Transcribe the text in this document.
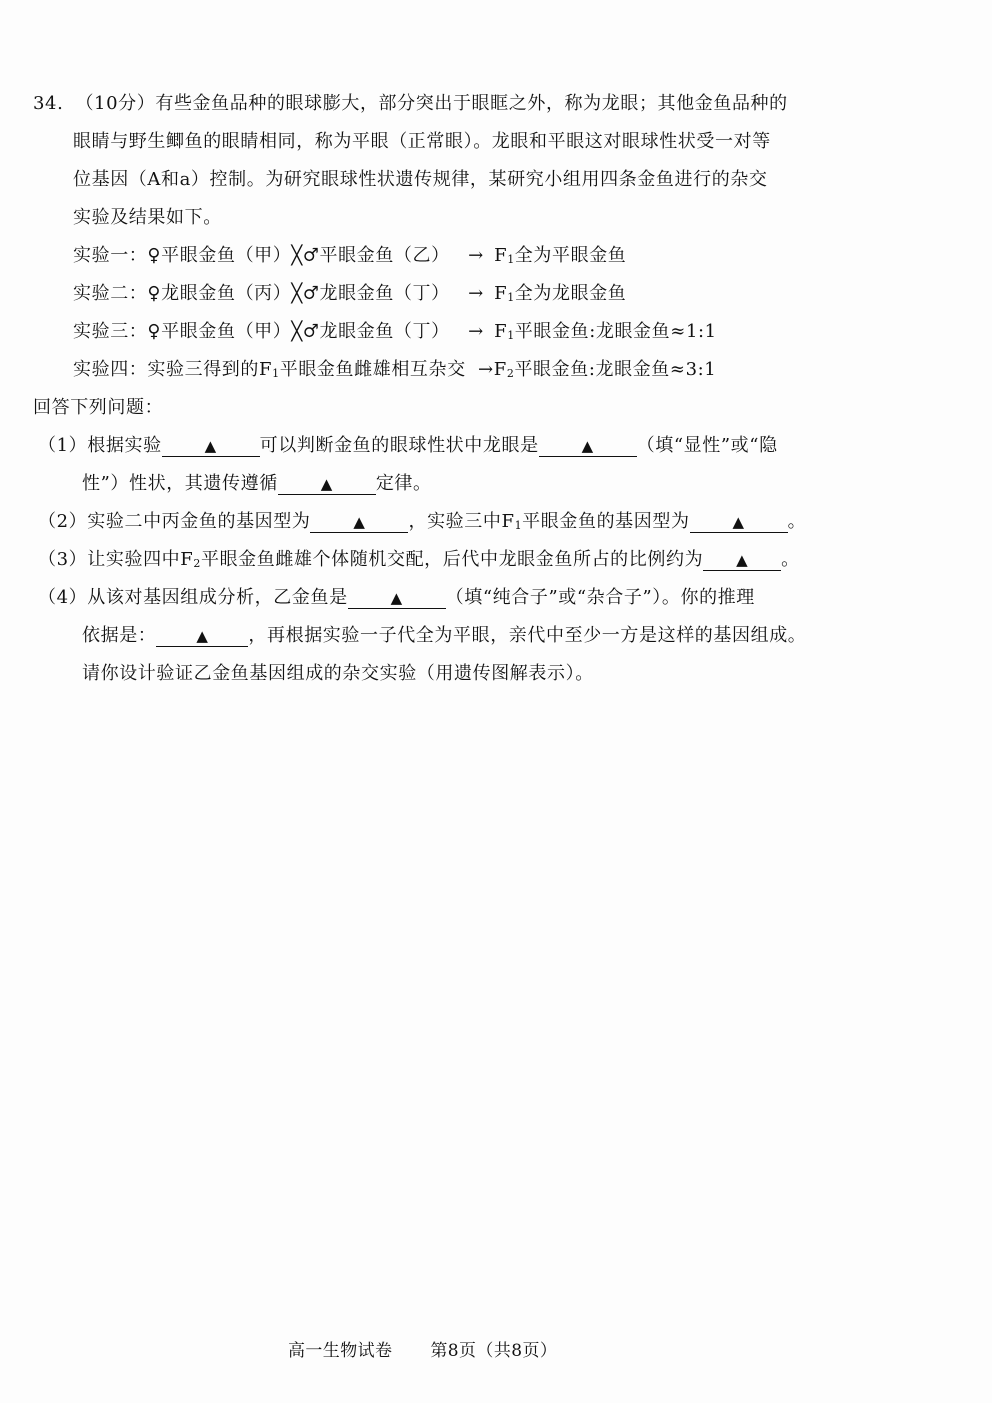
34. （10分）有些金鱼品种的眼球膨大，部分突出于眼眶之外，称为龙眼；其他金鱼品种的
眼睛与野生鲫鱼的眼睛相同，称为平眼（正常眼）。龙眼和平眼这对眼球性状受一对等
位基因（A和a）控制。为研究眼球性状遗传规律，某研究小组用四条金鱼进行的杂交
实验及结果如下。
实验一：♀平眼金鱼（甲）╳♂平眼金鱼（乙） → $F_1$全为平眼金鱼
实验二：♀龙眼金鱼（丙）╳♂龙眼金鱼（丁） → $F_1$全为龙眼金鱼
实验三：♀平眼金鱼（甲）╳♂龙眼金鱼（丁） → $F_1$平眼金鱼:龙眼金鱼≈1:1
实验四：实验三得到的$F_1$平眼金鱼雌雄相互杂交 $\to F_2$平眼金鱼:龙眼金鱼≈3:1
回答下列问题：
（1）根据实验	▲ 可以判断金鱼的眼球性状中龙眼是	▲ （填“显性”或“隐
性”）性状，其遗传遵循	▲ 定律。
（2）实验二中丙金鱼的基因型为	▲ ，实验三中$F_1$平眼金鱼的基因型为	▲ 。
（3）让实验四中$F_2$平眼金鱼雌雄个体随机交配，后代中龙眼金鱼所占的比例约为 ▲ 。
（4）从该对基因组成分析，乙金鱼是	▲ （填“纯合子”或“杂合子”）。你的推理
依据是：	▲ ，再根据实验一子代全为平眼，亲代中至少一方是这样的基因组成。
请你设计验证乙金鱼基因组成的杂交实验（用遗传图解表示）。
高一生物试卷 第8页（共8页）
